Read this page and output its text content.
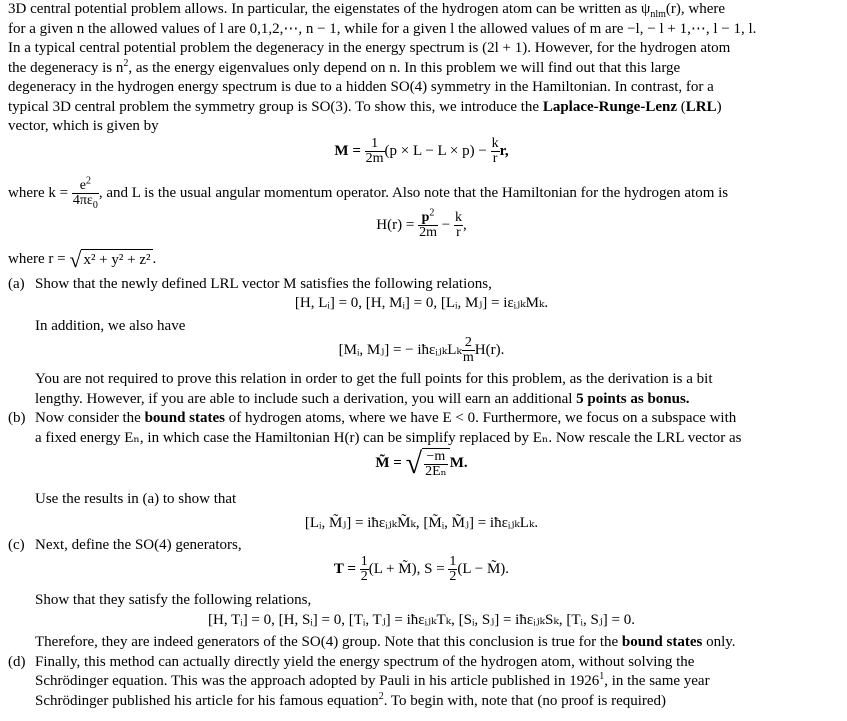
3D central potential problem allows. In particular, the eigenstates of the hydrogen atom can be written as $\psi_{nlm}(r)$, where

for a given n the allowed values of l are 0,1,2,⋯, n − 1, while for a given l the allowed values of m are −l, − l + 1,⋯, l − 1, l.

In a typical central potential problem the degeneracy in the energy spectrum is (2l + 1). However, for the hydrogen atom

the degeneracy is $n^2$, as the energy eigenvalues only depend on n. In this problem we will find out that this large

degeneracy in the hydrogen energy spectrum is due to a hidden SO(4) symmetry in the Hamiltonian. In contrast, for a

typical 3D central problem the symmetry group is SO(3). To show this, we introduce the Laplace-Runge-Lenz (LRL)

vector, which is given by

$M = \frac{1}{2m} (p \times L - L \times p) - \frac{k}{r} r$,

where $k = \frac{e^2}{4\pi\varepsilon_0}$ , and L is the usual angular momentum operator. Also note that the Hamiltonian for the hydrogen atom is

$H(r) = \frac{p^2}{2m} - \frac{k}{r}$ ,

where r = √ x² + y² + z² .

(a) Show that the newly defined LRL vector M satisfies the following relations,

[H, Lᵢ] = 0, [H, Mᵢ] = 0, [Lᵢ, Mⱼ] = iεᵢⱼₖMₖ.

In addition, we also have

[Mᵢ, Mⱼ] = − iħεᵢⱼₖLₖ $\frac{2}{m} H(r)$.

You are not required to prove this relation in order to get the full points for this problem, as the derivation is a bit

lengthy. However, if you are able to include such a derivation, you will earn an additional 5 points as bonus.

(b) Now consider the bound states of hydrogen atoms, where we have E < 0. Furthermore, we focus on a subspace with

a fixed energy Eₙ, in which case the Hamiltonian H(r) can be simplify replaced by Eₙ. Now rescale the LRL vector as

M̃ = √ $\frac{-m}{\text{2Eₙ}} M$.

Use the results in (a) to show that

[Lᵢ, M̃ⱼ] = iħεᵢⱼₖM̃ₖ, [M̃ᵢ, M̃ⱼ] = iħεᵢⱼₖLₖ.

(c) Next, define the SO(4) generators,

$T = \frac{1}{2} (L$ + M̃), $S = \frac{1}{2} (L$ − M̃).

Show that they satisfy the following relations,

[H, Tᵢ] = 0, [H, Sᵢ] = 0, [Tᵢ, Tⱼ] = iħεᵢⱼₖTₖ, [Sᵢ, Sⱼ] = iħεᵢⱼₖSₖ, [Tᵢ, Sⱼ] = 0.

Therefore, they are indeed generators of the SO(4) group. Note that this conclusion is true for the bound states only.

(d) Finally, this method can actually directly yield the energy spectrum of the hydrogen atom, without solving the

Schrödinger equation. This was the approach adopted by Pauli in his article published in 1926$^1$, in the same year

Schrödinger published his article for his famous equation$^2$. To begin with, note that (no proof is required)
